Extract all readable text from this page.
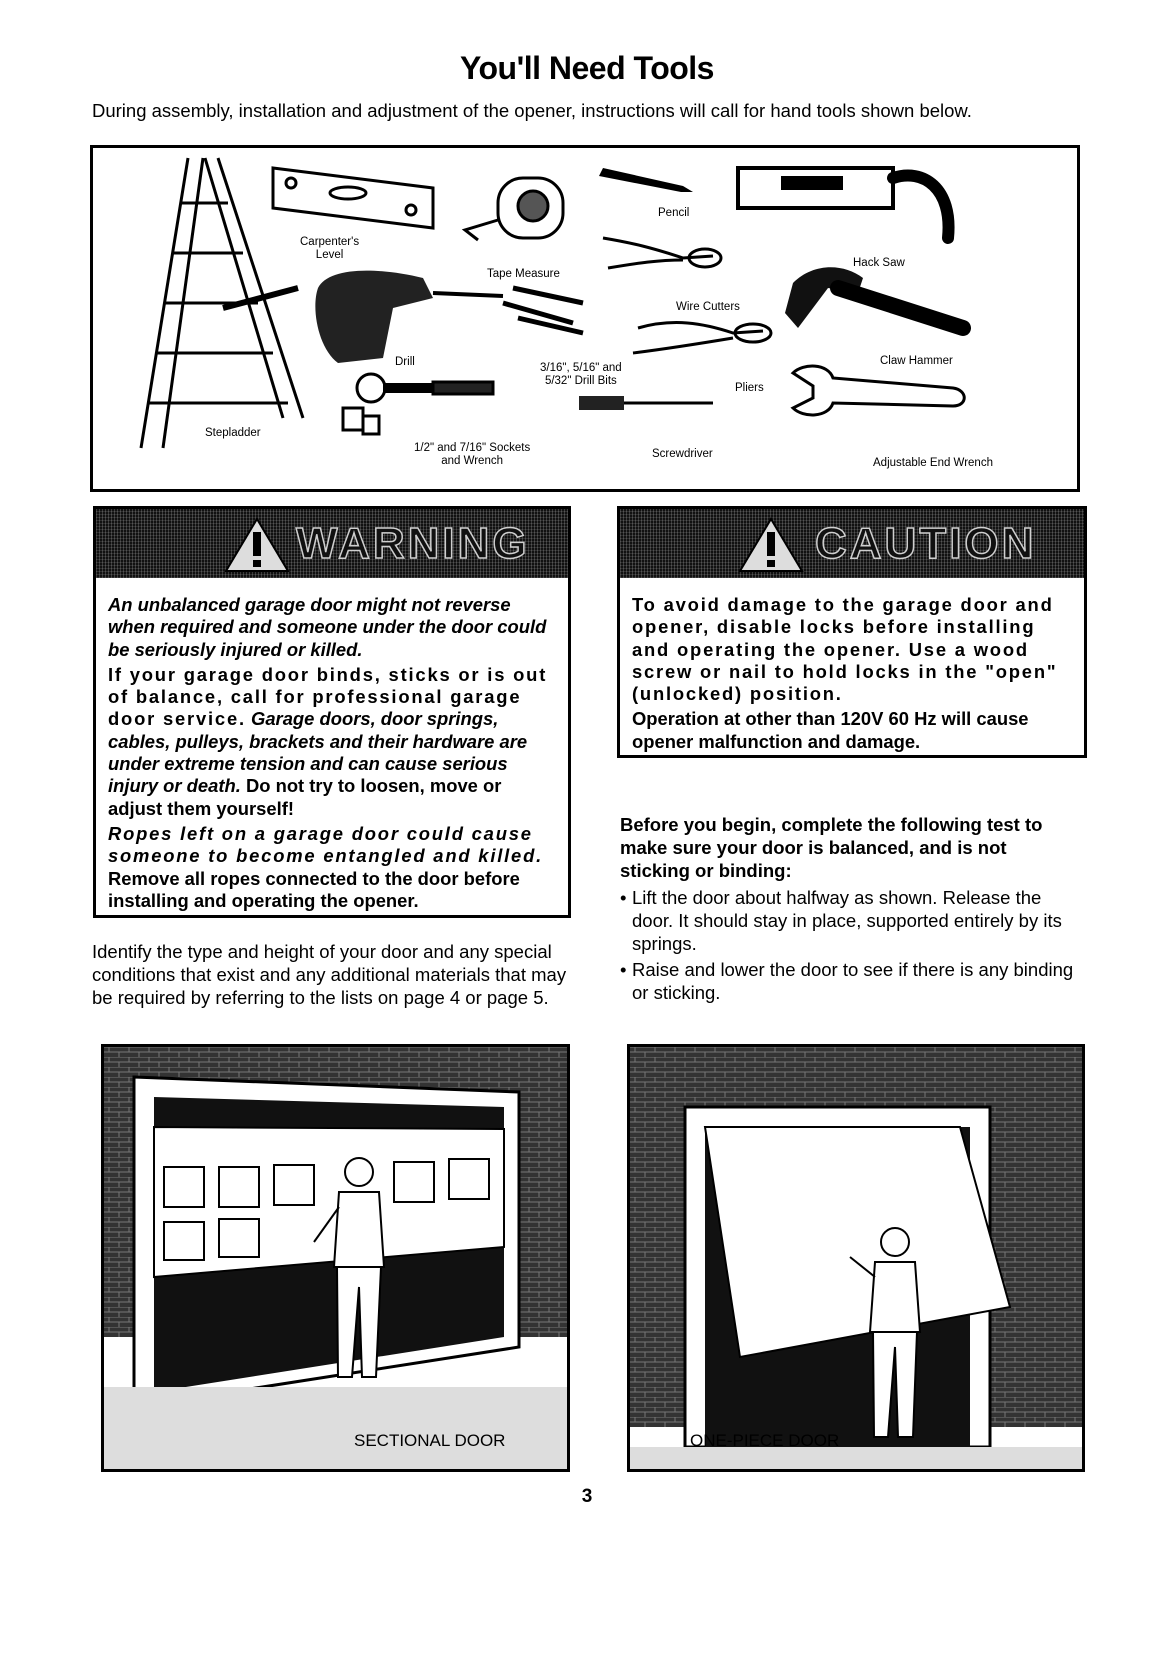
You'll Need Tools
During assembly, installation and adjustment of the opener, instructions will call for hand tools shown below.
Stepladder
Carpenter's
Level
Tape Measure
Pencil
Hack Saw
Wire Cutters
Drill	3/16", 5/16" and
5/32" Drill Bits
Pliers
Claw Hammer
1/2" and 7/16" Sockets
and Wrench
Screwdriver
Adjustable End Wrench
WARNING

An unbalanced garage door might not reverse when required and someone under the door could be seriously injured or killed.

If your garage door binds, sticks or is out of balance, call for professional garage door service. Garage doors, door springs, cables, pulleys, brackets and their hardware are under extreme tension and can cause serious injury or death. Do not try to loosen, move or adjust them yourself!

Ropes left on a garage door could cause someone to become entangled and killed. Remove all ropes connected to the door before installing and operating the opener.

CAUTION

To avoid damage to the garage door and opener, disable locks before installing and operating the opener. Use a wood screw or nail to hold locks in the "open" (unlocked) position.

Operation at other than 120V 60 Hz will cause opener malfunction and damage.

Before you begin, complete the following test to make sure your door is balanced, and is not sticking or binding:
• Lift the door about halfway as shown. Release the door. It should stay in place, supported entirely by its springs.
• Raise and lower the door to see if there is any binding or sticking.
Identify the type and height of your door and any special conditions that exist and any additional materials that may be required by referring to the lists on page 4 or page 5.
SECTIONAL DOOR	ONE-PIECE DOOR
3
